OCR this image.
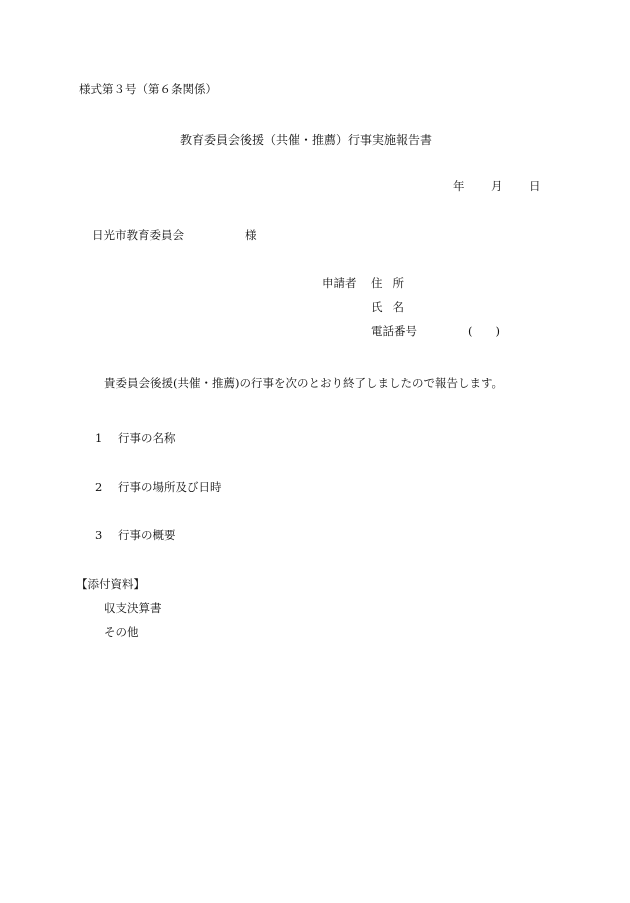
様式第３号（第６条関係）
教育委員会後援（共催・推薦）行事実施報告書
年 月 日
日光市教育委員会	様
申請者 住所
氏名
電話番号	(　　)
貴委員会後援(共催・推薦)の行事を次のとおり終了しましたので報告します。
1 行事の名称
2 行事の場所及び日時
3 行事の概要
【添付資料】
収支決算書
その他
